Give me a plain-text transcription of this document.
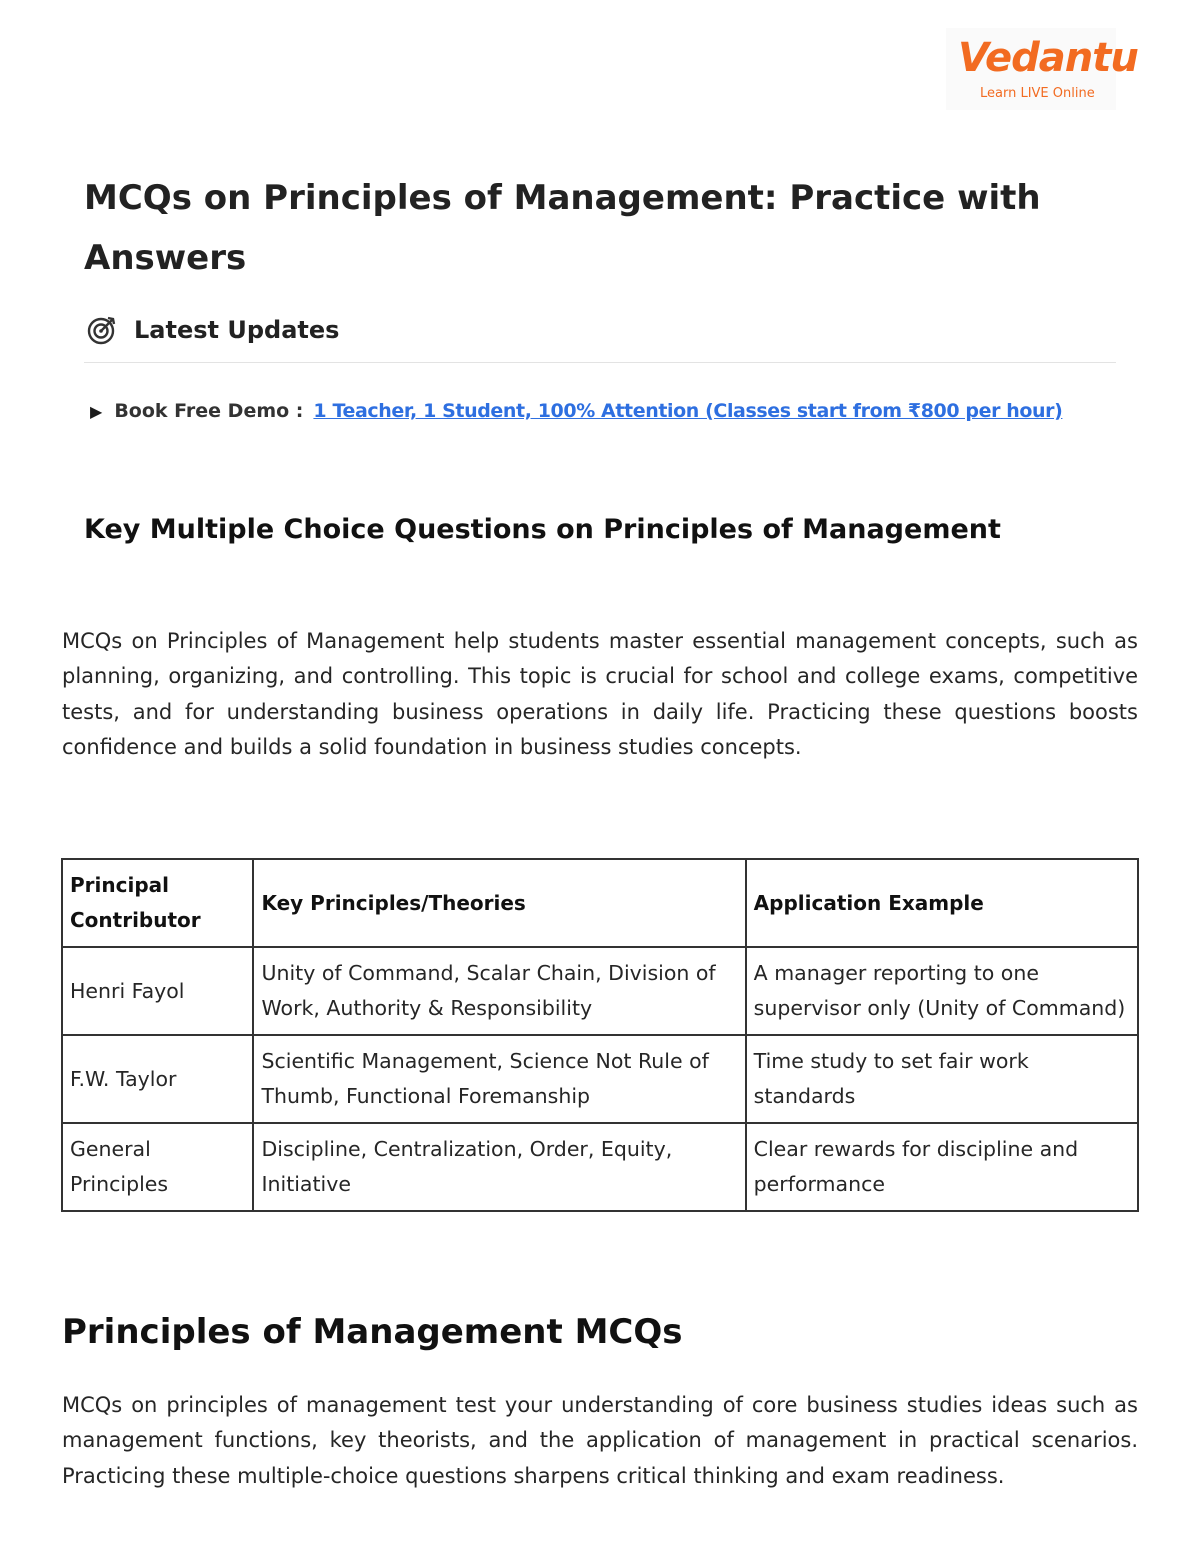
Vedantu
Learn LIVE Online
MCQs on Principles of Management: Practice with Answers
Latest Updates
▶ Book Free Demo : 1 Teacher, 1 Student, 100% Attention (Classes start from ₹800 per hour)
Key Multiple Choice Questions on Principles of Management

MCQs on Principles of Management help students master essential management concepts, such as planning, organizing, and controlling. This topic is crucial for school and college exams, competitive tests, and for understanding business operations in daily life. Practicing these questions boosts confidence and builds a solid foundation in business studies concepts.

Principal Contributor	Key Principles/Theories	Application Example
Henri Fayol	Unity of Command, Scalar Chain, Division of Work, Authority & Responsibility	A manager reporting to one supervisor only (Unity of Command)
F.W. Taylor	Scientific Management, Science Not Rule of Thumb, Functional Foremanship	Time study to set fair work standards
General Principles	Discipline, Centralization, Order, Equity, Initiative	Clear rewards for discipline and performance
Principles of Management MCQs

MCQs on principles of management test your understanding of core business studies ideas such as management functions, key theorists, and the application of management in practical scenarios. Practicing these multiple-choice questions sharpens critical thinking and exam readiness.
